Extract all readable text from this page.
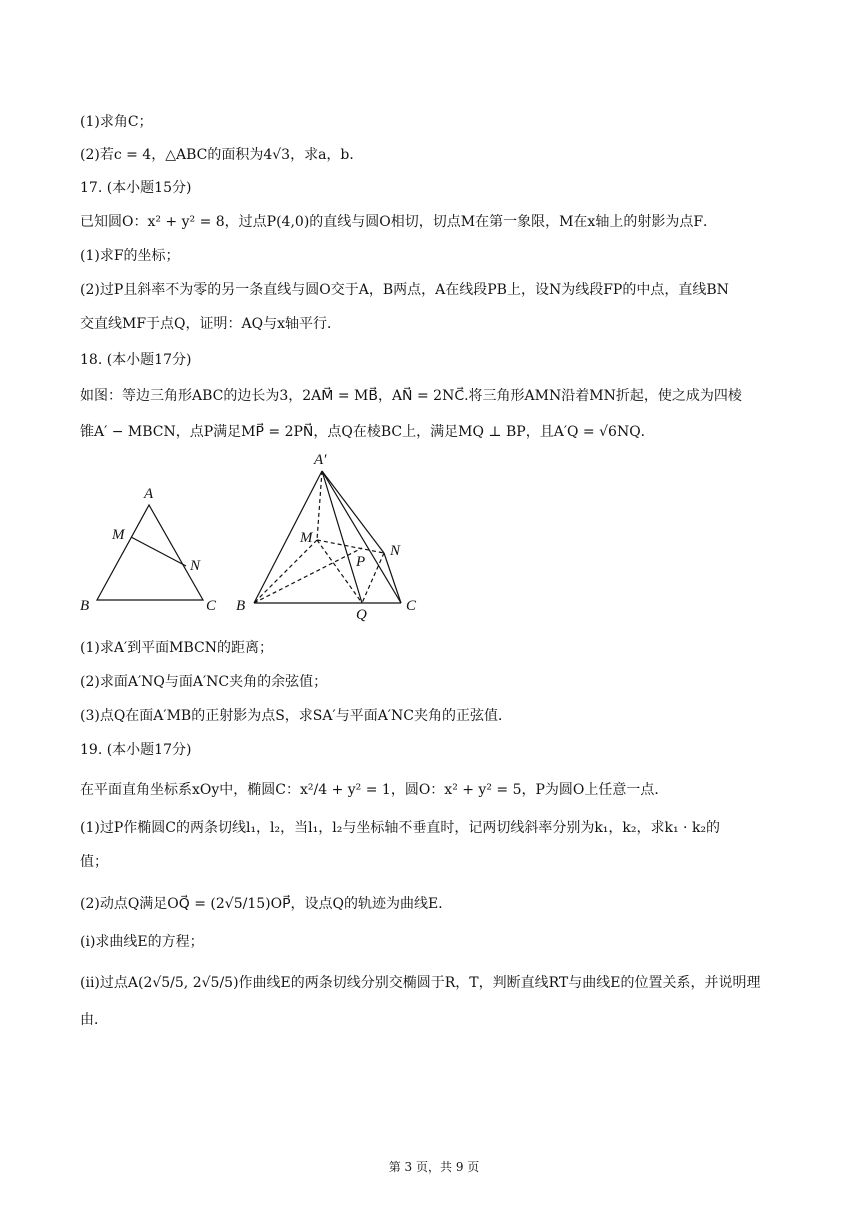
(1)求角C；
(2)若c = 4，△ABC的面积为4√3，求a，b．
17. (本小题15分)
已知圆O：x² + y² = 8，过点P(4,0)的直线与圆O相切，切点M在第一象限，M在x轴上的射影为点F．
(1)求F的坐标；
(2)过P且斜率不为零的另一条直线与圆O交于A，B两点，A在线段PB上，设N为线段FP的中点，直线BN
交直线MF于点Q，证明：AQ与x轴平行．
18. (本小题17分)
如图：等边三角形ABC的边长为3，2AM⃗ = MB⃗，AN⃗ = 2NC⃗.将三角形AMN沿着MN折起，使之成为四棱
锥A′ − MBCN，点P满足MP⃗ = 2PN⃗，点Q在棱BC上，满足MQ ⊥ BP，且A′Q = √6NQ．
A
M
N
B	C
A′
M
N
P
B	C
Q
(1)求A′到平面MBCN的距离；
(2)求面A′NQ与面A′NC夹角的余弦值；
(3)点Q在面A′MB的正射影为点S，求SA′与平面A′NC夹角的正弦值．
19. (本小题17分)
在平面直角坐标系xOy中，椭圆C：x²/4 + y² = 1，圆O：x² + y² = 5，P为圆O上任意一点．
(1)过P作椭圆C的两条切线l₁，l₂，当l₁，l₂与坐标轴不垂直时，记两切线斜率分别为k₁，k₂，求k₁ · k₂的
值；
(2)动点Q满足OQ⃗ = (2√5/15)OP⃗，设点Q的轨迹为曲线E．
(i)求曲线E的方程；
(ii)过点A(2√5/5, 2√5/5)作曲线E的两条切线分别交椭圆于R，T，判断直线RT与曲线E的位置关系，并说明理
由．
第 3 页，共 9 页
